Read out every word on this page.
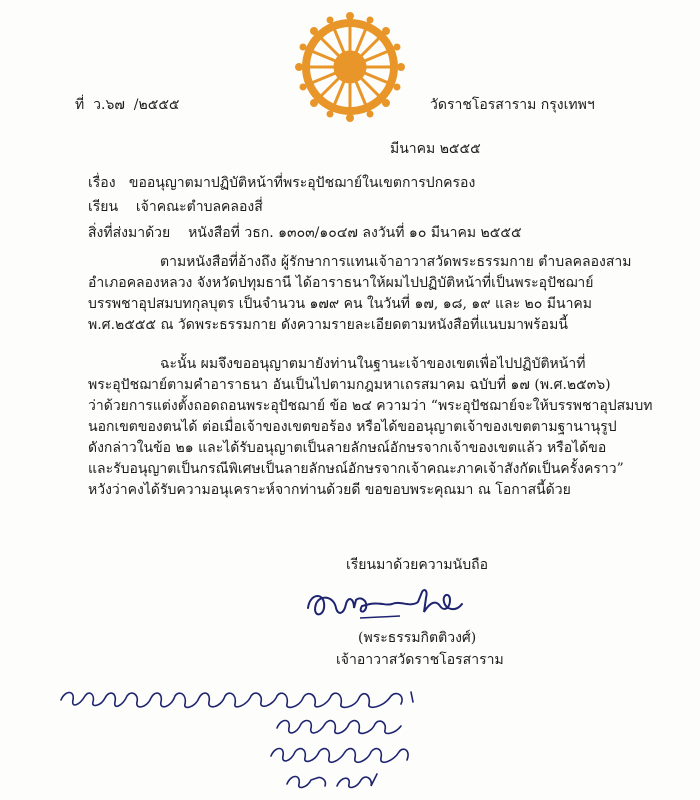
ที่ ว.๖๗ /๒๕๕๕	วัดราชโอรสาราม กรุงเทพฯ
มีนาคม ๒๕๕๕
เรื่อง ขออนุญาตมาปฏิบัติหน้าที่พระอุปัชฌาย์ในเขตการปกครอง
เรียน เจ้าคณะตำบลคลองสี่
สิ่งที่ส่งมาด้วย หนังสือที่ วธก. ๑๓๐๓/๑๐๔๗ ลงวันที่ ๑๐ มีนาคม ๒๕๕๕

ตามหนังสือที่อ้างถึง ผู้รักษาการแทนเจ้าอาวาสวัดพระธรรมกาย ตำบลคลองสาม

อำเภอคลองหลวง จังหวัดปทุมธานี ได้อาราธนาให้ผมไปปฏิบัติหน้าที่เป็นพระอุปัชฌาย์

บรรพชาอุปสมบทกุลบุตร เป็นจำนวน ๑๗๙ คน ในวันที่ ๑๗, ๑๘, ๑๙ และ ๒๐ มีนาคม

พ.ศ.๒๕๕๕ ณ วัดพระธรรมกาย ดังความรายละเอียดตามหนังสือที่แนบมาพร้อมนี้

ฉะนั้น ผมจึงขออนุญาตมายังท่านในฐานะเจ้าของเขตเพื่อไปปฏิบัติหน้าที่

พระอุปัชฌาย์ตามคำอาราธนา อันเป็นไปตามกฎมหาเถรสมาคม ฉบับที่ ๑๗ (พ.ศ.๒๕๓๖)

ว่าด้วยการแต่งตั้งถอดถอนพระอุปัชฌาย์ ข้อ ๒๔ ความว่า “พระอุปัชฌาย์จะให้บรรพชาอุปสมบท

นอกเขตของตนได้ ต่อเมื่อเจ้าของเขตขอร้อง หรือได้ขออนุญาตเจ้าของเขตตามฐานานุรูป

ดังกล่าวในข้อ ๒๑ และได้รับอนุญาตเป็นลายลักษณ์อักษรจากเจ้าของเขตแล้ว หรือได้ขอ

และรับอนุญาตเป็นกรณีพิเศษเป็นลายลักษณ์อักษรจากเจ้าคณะภาคเจ้าสังกัดเป็นครั้งคราว”

หวังว่าคงได้รับความอนุเคราะห์จากท่านด้วยดี ขอขอบพระคุณมา ณ โอกาสนี้ด้วย

เรียนมาด้วยความนับถือ
(พระธรรมกิตติวงศ์)
เจ้าอาวาสวัดราชโอรสาราม
